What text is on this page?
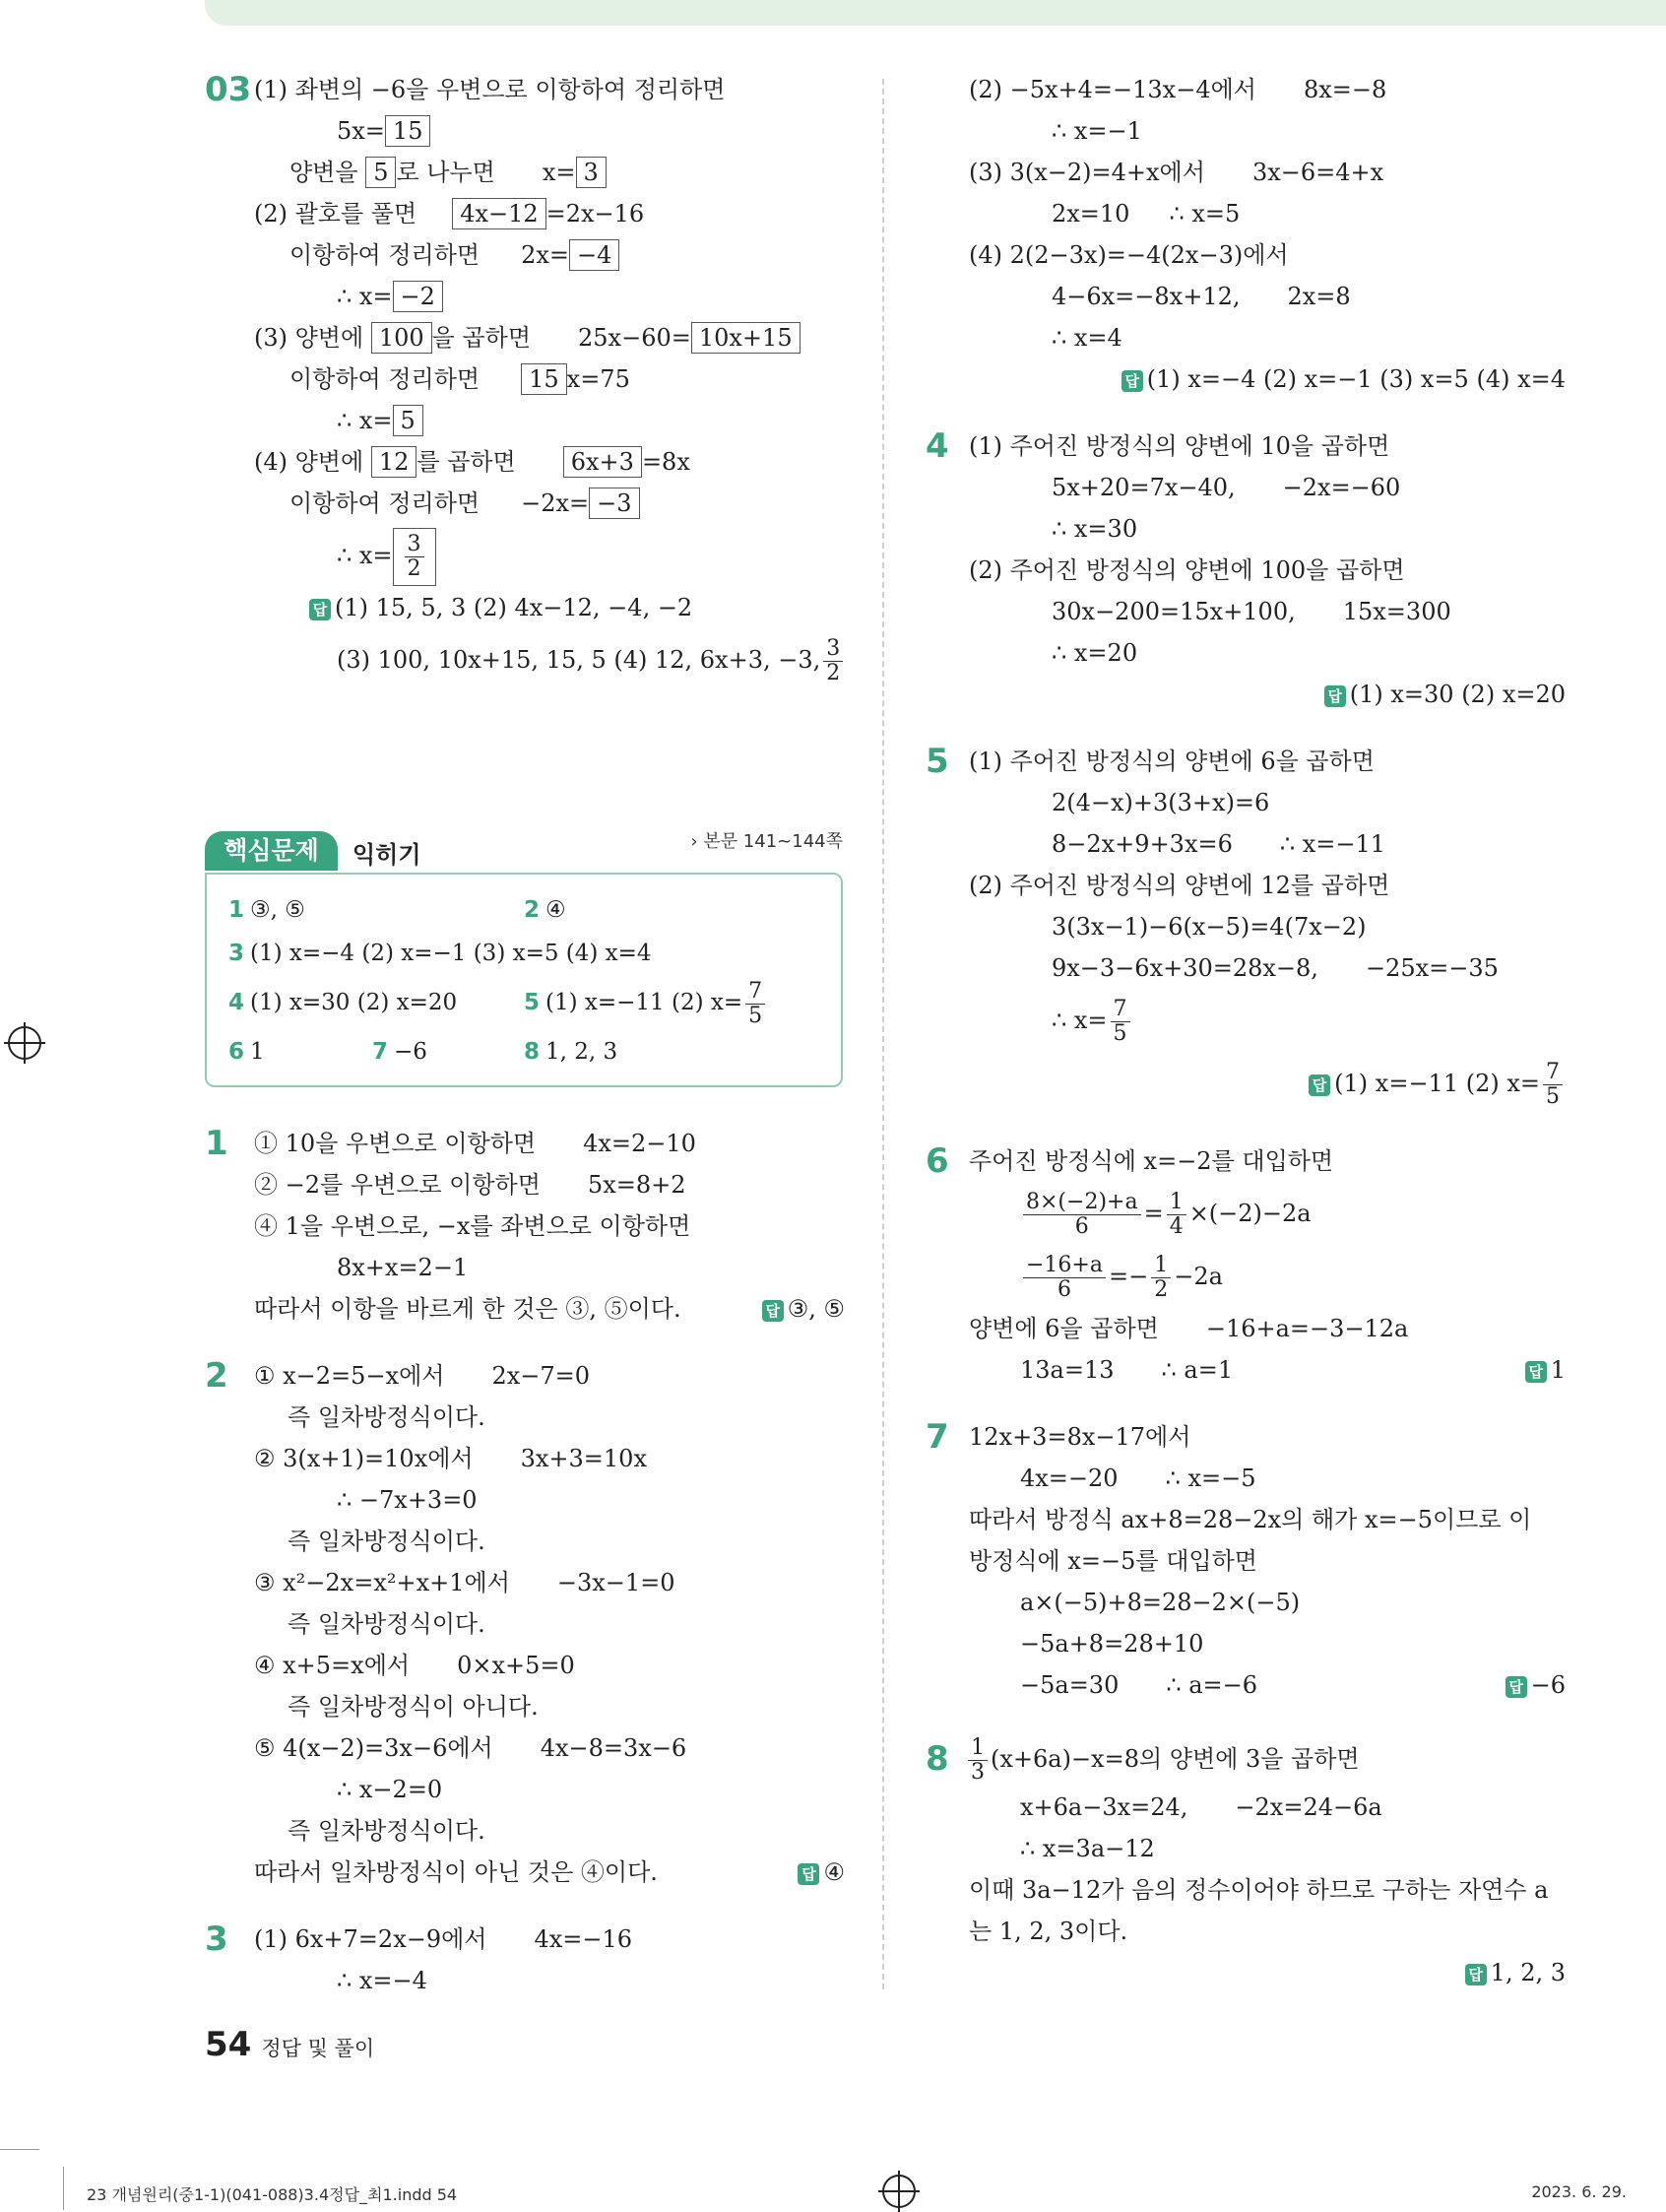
03 (1) 좌변의 −6을 우변으로 이항하여 정리하면
5x= 15
양변을 5 로 나누면 x= 3
(2) 괄호를 풀면 4x−12 =2x−16
이항하여 정리하면 2x= −4
∴ x= −2
(3) 양변에 100 을 곱하면 25x−60= 10x+15
이항하여 정리하면 15 x=75
∴ x= 5
(4) 양변에 12 를 곱하면 6x+3 =8x
이항하여 정리하면 −2x= −3
∴ $x= \frac{3}{2}$
답 (1) 15, 5, 3 (2) 4x−12, −4, −2
(3) 100, 10x+15, 15, 5 (4) 12, 6x+3, −3, $\frac{3}{2}$
핵심문제	익히기	› 본문 141~144쪽
1 ③, ⑤	2 ④
3 (1) x=−4 (2) x=−1 (3) x=5 (4) x=4
4 (1) x=30 (2) x=20	5 (1) x=−11 (2) $x= \frac{7}{5}$
6 1	7 −6	8 1, 2, 3
1 ① 10을 우변으로 이항하면 4x=2−10
② −2를 우변으로 이항하면 5x=8+2
④ 1을 우변으로, −x를 좌변으로 이항하면
8x+x=2−1
따라서 이항을 바르게 한 것은 ③, ⑤이다.	답 ③, ⑤
2 ① x−2=5−x에서 2x−7=0
즉 일차방정식이다.
② 3(x+1)=10x에서 3x+3=10x
∴ −7x+3=0
즉 일차방정식이다.
③ x²−2x=x²+x+1에서 −3x−1=0
즉 일차방정식이다.
④ x+5=x에서 0×x+5=0
즉 일차방정식이 아니다.
⑤ 4(x−2)=3x−6에서 4x−8=3x−6
∴ x−2=0
즉 일차방정식이다.
따라서 일차방정식이 아닌 것은 ④이다.	답 ④
3 (1) 6x+7=2x−9에서 4x=−16
∴ x=−4
(2) −5x+4=−13x−4에서 8x=−8
∴ x=−1
(3) 3(x−2)=4+x에서 3x−6=4+x
2x=10 ∴ x=5
(4) 2(2−3x)=−4(2x−3)에서
4−6x=−8x+12, 2x=8
∴ x=4
답 (1) x=−4 (2) x=−1 (3) x=5 (4) x=4
4 (1) 주어진 방정식의 양변에 10을 곱하면
5x+20=7x−40, −2x=−60
∴ x=30
(2) 주어진 방정식의 양변에 100을 곱하면
30x−200=15x+100, 15x=300
∴ x=20
답 (1) x=30 (2) x=20
5 (1) 주어진 방정식의 양변에 6을 곱하면
2(4−x)+3(3+x)=6
8−2x+9+3x=6 ∴ x=−11
(2) 주어진 방정식의 양변에 12를 곱하면
3(3x−1)−6(x−5)=4(7x−2)
9x−3−6x+30=28x−8, −25x=−35
∴ $x= \frac{7}{5}$
답 (1) x=−11 (2) $x= \frac{7}{5}$
6 주어진 방정식에 x=−2를 대입하면
$\frac{8\times(-2)+a}{6} = \frac{1}{4} \times(-2)-2a$
$\frac{-16+a}{6} =- \frac{1}{2} -2a$
양변에 6을 곱하면 −16+a=−3−12a
13a=13 ∴ a=1	답 1
7 12x+3=8x−17에서
4x=−20 ∴ x=−5
따라서 방정식 ax+8=28−2x의 해가 x=−5이므로 이
방정식에 x=−5를 대입하면
a×(−5)+8=28−2×(−5)
−5a+8=28+10
−5a=30 ∴ a=−6	답 −6
$8 \frac{1}{3} (x+6a)-x=8$의 양변에 3을 곱하면
x+6a−3x=24, −2x=24−6a
∴ x=3a−12
이때 3a−12가 음의 정수이어야 하므로 구하는 자연수 a
는 1, 2, 3이다.
답 1, 2, 3
54 정답 및 풀이
23 개념원리(중1-1)(041-088)3.4정답_최1.indd 54	2023. 6. 29.
